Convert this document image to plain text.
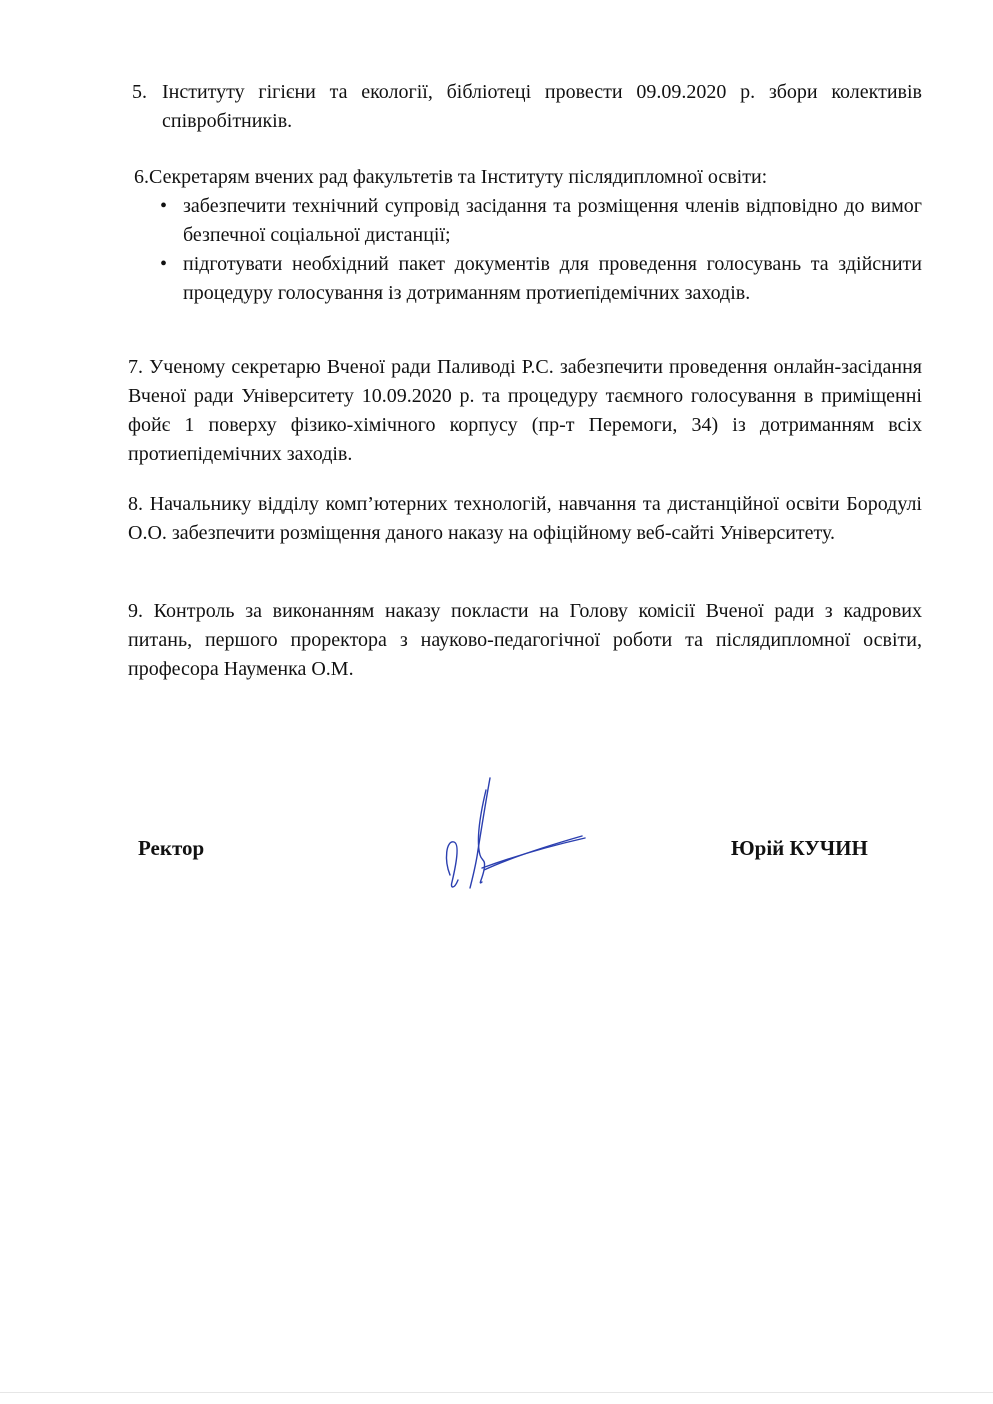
5. Інституту гігієни та екології, бібліотеці провести 09.09.2020 р. збори колективів співробітників.
6.Секретарям вчених рад факультетів та Інституту післядипломної освіти:
• забезпечити технічний супровід засідання та розміщення членів відповідно до вимог безпечної соціальної дистанції;
• підготувати необхідний пакет документів для проведення голосувань та здійснити процедуру голосування із дотриманням протиепідемічних заходів.
7. Ученому секретарю Вченої ради Паливоді Р.С. забезпечити проведення онлайн-засідання Вченої ради Університету 10.09.2020 р. та процедуру таємного голосування в приміщенні фойє 1 поверху фізико-хімічного корпусу (пр-т Перемоги, 34) із дотриманням всіх протиепідемічних заходів.
8. Начальнику відділу комп’ютерних технологій, навчання та дистанційної освіти Бородулі О.О. забезпечити розміщення даного наказу на офіційному веб-сайті Університету.
9. Контроль за виконанням наказу покласти на Голову комісії Вченої ради з кадрових питань, першого проректора з науково-педагогічної роботи та післядипломної освіти, професора Науменка О.М.
Ректор	Юрій КУЧИН
